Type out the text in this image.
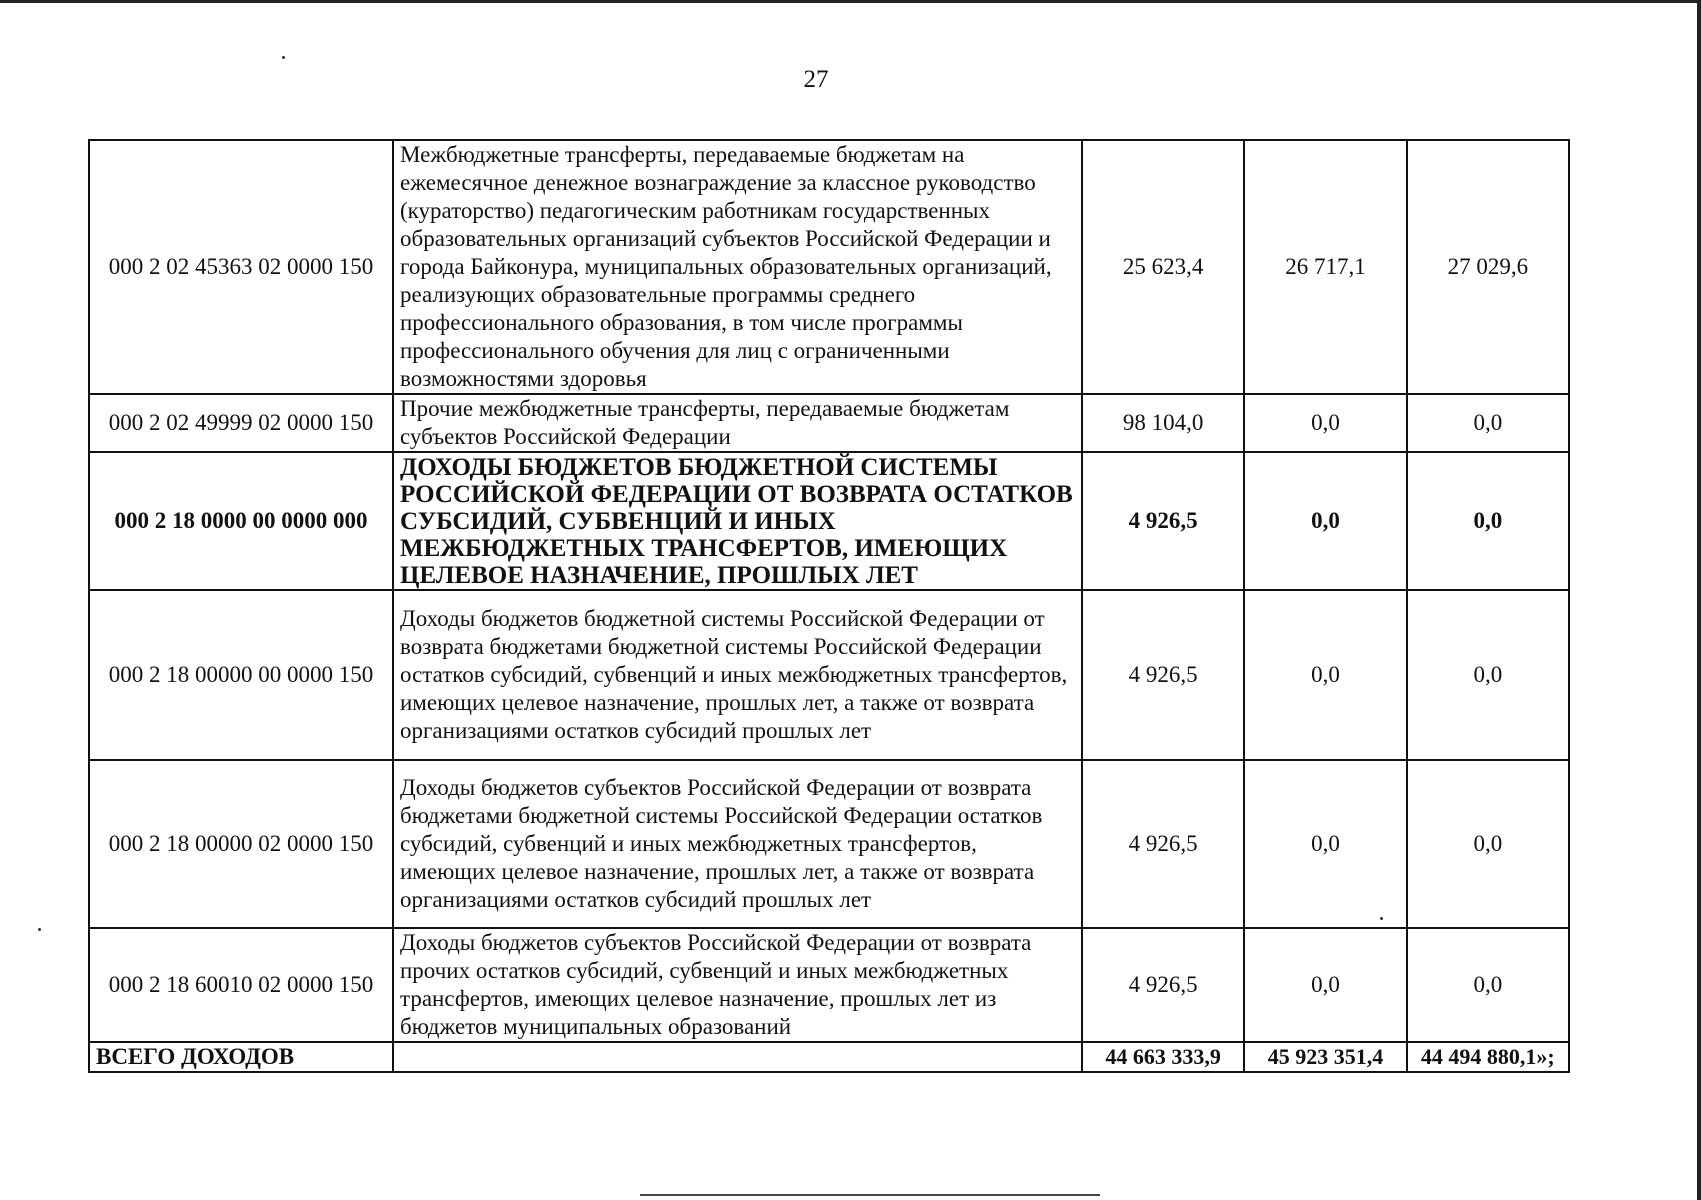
27
000 2 02 45363 02 0000 150	Межбюджетные трансферты, передаваемые бюджетам на ежемесячное денежное вознаграждение за классное руководство (кураторство) педагогическим работникам государственных образовательных организаций субъектов Российской Федерации и города Байконура, муниципальных образовательных организаций, реализующих образовательные программы среднего профессионального образования, в том числе программы профессионального обучения для лиц с ограниченными возможностями здоровья	25 623,4	26 717,1	27 029,6
000 2 02 49999 02 0000 150	Прочие межбюджетные трансферты, передаваемые бюджетам субъектов Российской Федерации	98 104,0	0,0	0,0
000 2 18 0000 00 0000 000	ДОХОДЫ БЮДЖЕТОВ БЮДЖЕТНОЙ СИСТЕМЫ РОССИЙСКОЙ ФЕДЕРАЦИИ ОТ ВОЗВРАТА ОСТАТКОВ СУБСИДИЙ, СУБВЕНЦИЙ И ИНЫХ МЕЖБЮДЖЕТНЫХ ТРАНСФЕРТОВ, ИМЕЮЩИХ ЦЕЛЕВОЕ НАЗНАЧЕНИЕ, ПРОШЛЫХ ЛЕТ	4 926,5	0,0	0,0
000 2 18 00000 00 0000 150	Доходы бюджетов бюджетной системы Российской Федерации от возврата бюджетами бюджетной системы Российской Федерации остатков субсидий, субвенций и иных межбюджетных трансфертов, имеющих целевое назначение, прошлых лет, а также от возврата организациями остатков субсидий прошлых лет	4 926,5	0,0	0,0
000 2 18 00000 02 0000 150	Доходы бюджетов субъектов Российской Федерации от возврата бюджетами бюджетной системы Российской Федерации остатков субсидий, субвенций и иных межбюджетных трансфертов, имеющих целевое назначение, прошлых лет, а также от возврата организациями остатков субсидий прошлых лет	4 926,5	0,0	0,0
000 2 18 60010 02 0000 150	Доходы бюджетов субъектов Российской Федерации от возврата прочих остатков субсидий, субвенций и иных межбюджетных трансфертов, имеющих целевое назначение, прошлых лет из бюджетов муниципальных образований	4 926,5	0,0	0,0
ВСЕГО ДОХОДОВ		44 663 333,9	45 923 351,4	44 494 880,1»;
